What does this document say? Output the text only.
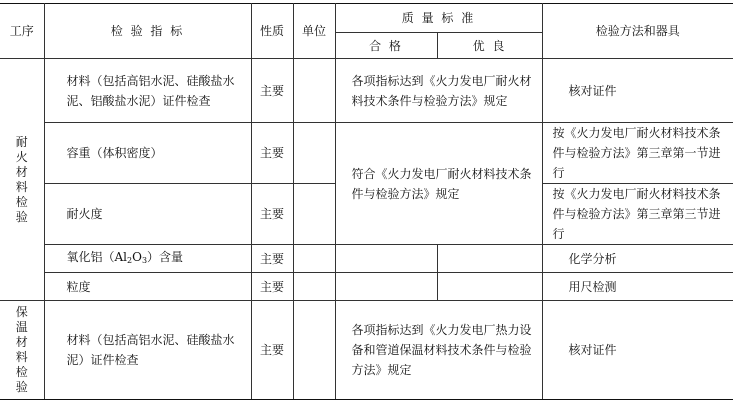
工序	检 验 指 标	性质	单位	质 量 标 准		检验方法和器具
				合 格	优 良	

耐火材料检验	材料（包括高铝水泥、硅酸盐水泥、铝酸盐水泥）证件检查	主要		各项指标达到《火力发电厂耐火材料技术条件与检验方法》规定		核对证件
	容重（体积密度）	主要		符合《火力发电厂耐火材料技术条件与检验方法》规定		按《火力发电厂耐火材料技术条件与检验方法》第三章第一节进行
	耐火度	主要				按《火力发电厂耐火材料技术条件与检验方法》第三章第三节进行
	氧化铝$(Al_2O_3)$含量	主要				化学分析
	粒度	主要				用尺检测

保温材料检验	材料（包括高铝水泥、硅酸盐水泥）证件检查	主要		各项指标达到《火力发电厂热力设备和管道保温材料技术条件与检验方法》规定		核对证件
